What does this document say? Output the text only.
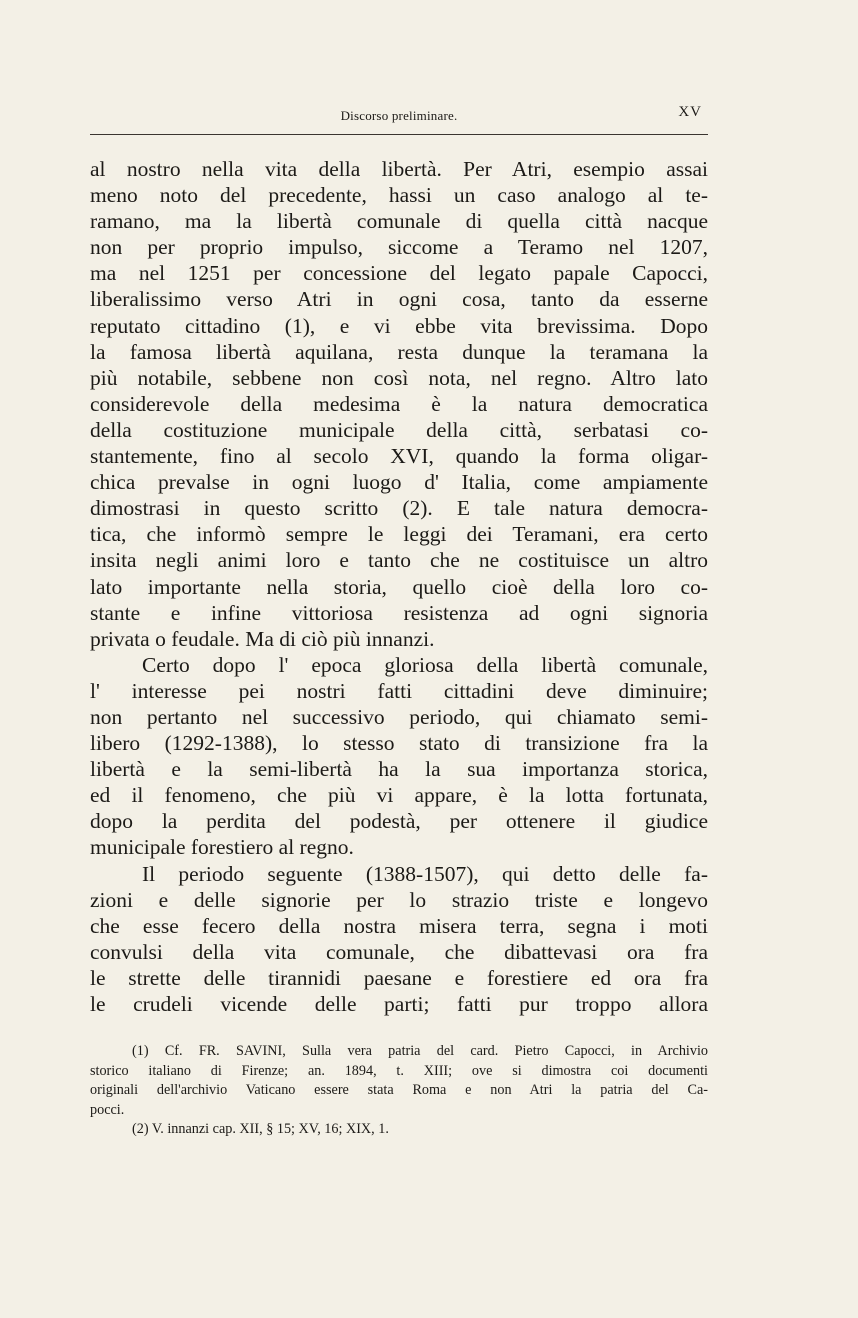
Discorso preliminare.	XV
al nostro nella vita della libertà. Per Atri, esempio assai
meno noto del precedente, hassi un caso analogo al te-
ramano, ma la libertà comunale di quella città nacque
non per proprio impulso, siccome a Teramo nel 1207,
ma nel 1251 per concessione del legato papale Capocci,
liberalissimo verso Atri in ogni cosa, tanto da esserne
reputato cittadino (1), e vi ebbe vita brevissima. Dopo
la famosa libertà aquilana, resta dunque la teramana la
più notabile, sebbene non così nota, nel regno. Altro lato
considerevole della medesima è la natura democratica
della costituzione municipale della città, serbatasi co-
stantemente, fino al secolo XVI, quando la forma oligar-
chica prevalse in ogni luogo d' Italia, come ampiamente
dimostrasi in questo scritto (2). E tale natura democra-
tica, che informò sempre le leggi dei Teramani, era certo
insita negli animi loro e tanto che ne costituisce un altro
lato importante nella storia, quello cioè della loro co-
stante e infine vittoriosa resistenza ad ogni signoria
privata o feudale. Ma di ciò più innanzi.
Certo dopo l' epoca gloriosa della libertà comunale,
l' interesse pei nostri fatti cittadini deve diminuire;
non pertanto nel successivo periodo, qui chiamato semi-
libero (1292-1388), lo stesso stato di transizione fra la
libertà e la semi-libertà ha la sua importanza storica,
ed il fenomeno, che più vi appare, è la lotta fortunata,
dopo la perdita del podestà, per ottenere il giudice
municipale forestiero al regno.
Il periodo seguente (1388-1507), qui detto delle fa-
zioni e delle signorie per lo strazio triste e longevo
che esse fecero della nostra misera terra, segna i moti
convulsi della vita comunale, che dibattevasi ora fra
le strette delle tirannidi paesane e forestiere ed ora fra
le crudeli vicende delle parti; fatti pur troppo allora
(1) Cf. FR. SAVINI, Sulla vera patria del card. Pietro Capocci, in Archivio
storico italiano di Firenze; an. 1894, t. XIII; ove si dimostra coi documenti
originali dell'archivio Vaticano essere stata Roma e non Atri la patria del Ca-
pocci.
(2) V. innanzi cap. XII, § 15; XV, 16; XIX, 1.
